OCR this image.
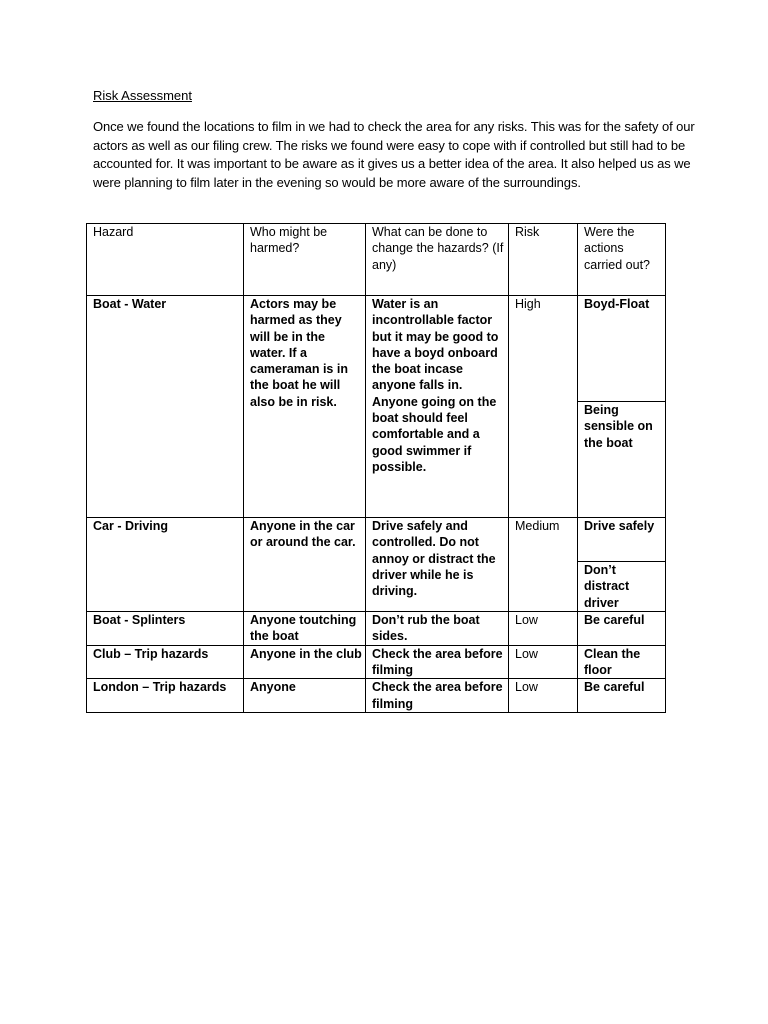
Risk Assessment
Once we found the locations to film in we had to check the area for any risks. This was for the safety of our actors as well as our filing crew. The risks we found were easy to cope with if controlled but still had to be accounted for. It was important to be aware as it gives us a better idea of the area. It also helped us as we were planning to film later in the evening so would be more aware of the surroundings.
Hazard	Who might be harmed?	What can be done to change the hazards? (If any)	Risk	Were the actions carried out?
Boat - Water	Actors may be harmed as they will be in the water. If a cameraman is in the boat he will also be in risk.	Water is an incontrollable factor but it may be good to have a boyd onboard the boat incase anyone falls in. Anyone going on the boat should feel comfortable and a good swimmer if possible.	High	Boyd-Float
				Being sensible on the boat
Car - Driving	Anyone in the car or around the car.	Drive safely and controlled. Do not annoy or distract the driver while he is driving.	Medium	Drive safely
				Don’t distract driver
Boat - Splinters	Anyone toutching the boat	Don’t rub the boat sides.	Low	Be careful
Club – Trip hazards	Anyone in the club	Check the area before filming	Low	Clean the floor
London – Trip hazards	Anyone	Check the area before filming	Low	Be careful
